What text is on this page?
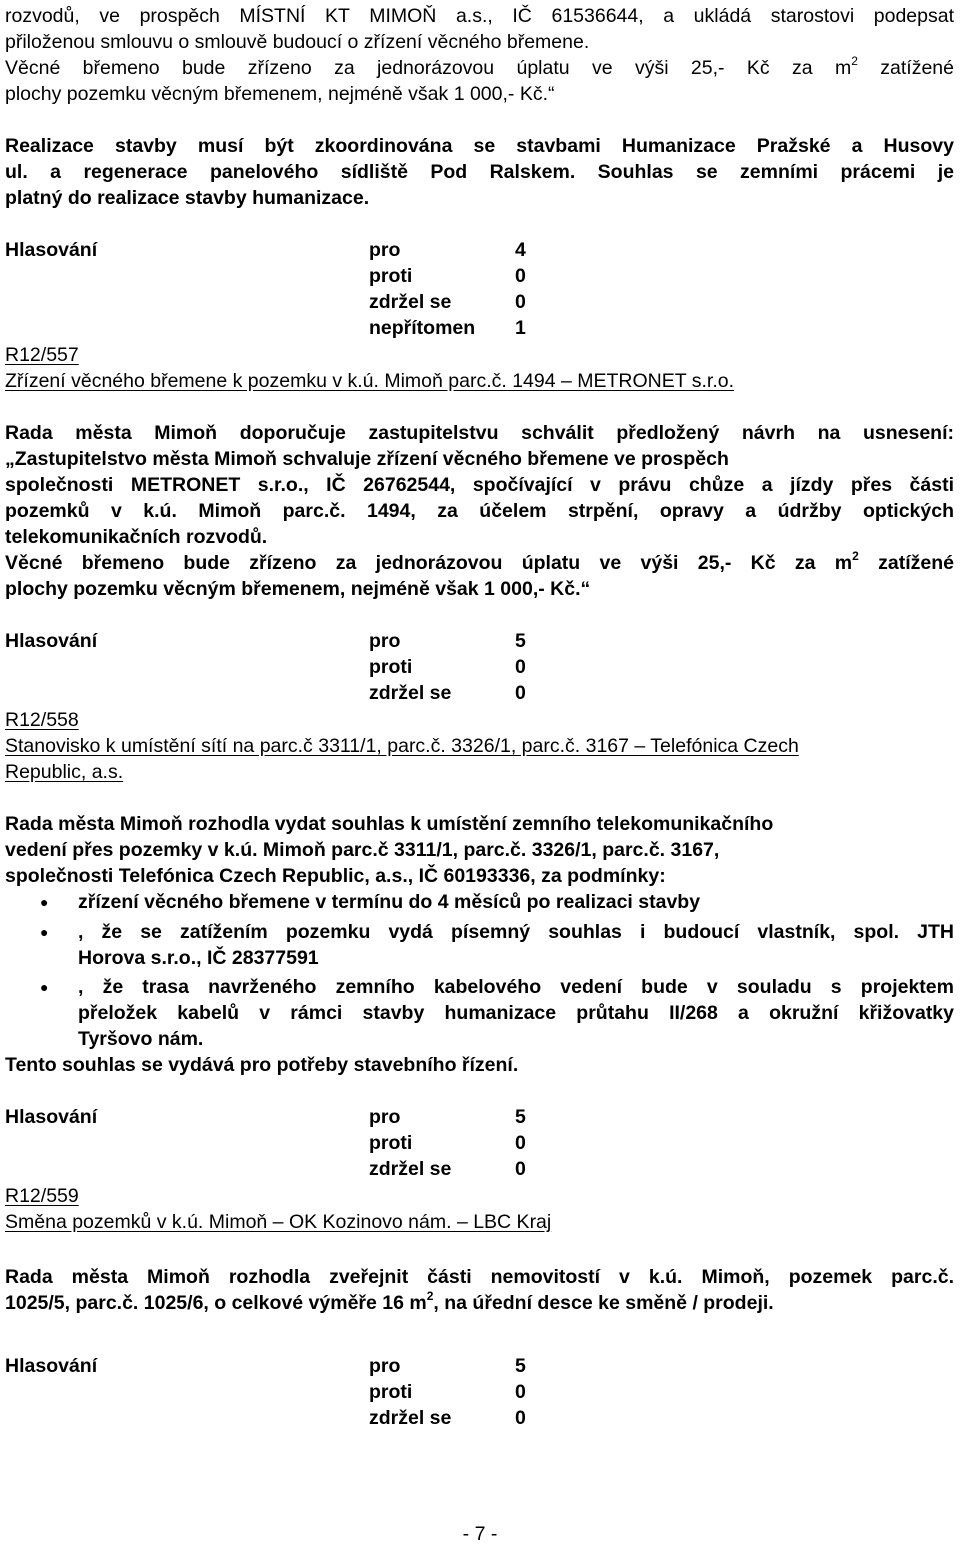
rozvodů, ve prospěch MÍSTNÍ KT MIMOŇ a.s., IČ 61536644, a ukládá starostovi podepsat
přiloženou smlouvu o smlouvě budoucí o zřízení věcného břemene.
Věcné břemeno bude zřízeno za jednorázovou úplatu ve výši 25,- Kč za $m^2$ zatížené
plochy pozemku věcným břemenem, nejméně však 1 000,- Kč.“
Realizace stavby musí být zkoordinována se stavbami Humanizace Pražské a Husovy
ul. a regenerace panelového sídliště Pod Ralskem. Souhlas se zemními prácemi je
platný do realizace stavby humanizace.
Hlasování	pro	4
proti	0
zdržel se	0
nepřítomen 1
R12/557
Zřízení věcného břemene k pozemku v k.ú. Mimoň parc.č. 1494 – METRONET s.r.o.
Rada města Mimoň doporučuje zastupitelstvu schválit předložený návrh na usnesení:
„Zastupitelstvo města Mimoň schvaluje zřízení věcného břemene ve prospěch
společnosti METRONET s.r.o., IČ 26762544, spočívající v právu chůze a jízdy přes části
pozemků v k.ú. Mimoň parc.č. 1494, za účelem strpění, opravy a údržby optických
telekomunikačních rozvodů.
Věcné břemeno bude zřízeno za jednorázovou úplatu ve výši 25,- Kč za $m^2$ zatížené
plochy pozemku věcným břemenem, nejméně však 1 000,- Kč.“
Hlasování	pro	5
proti	0
zdržel se	0
R12/558
Stanovisko k umístění sítí na parc.č 3311/1, parc.č. 3326/1, parc.č. 3167 – Telefónica Czech
Republic, a.s.
Rada města Mimoň rozhodla vydat souhlas k umístění zemního telekomunikačního
vedení přes pozemky v k.ú. Mimoň parc.č 3311/1, parc.č. 3326/1, parc.č. 3167,
společnosti Telefónica Czech Republic, a.s., IČ 60193336, za podmínky:
● zřízení věcného břemene v termínu do 4 měsíců po realizaci stavby
● , že se zatížením pozemku vydá písemný souhlas i budoucí vlastník, spol. JTH
Horova s.r.o., IČ 28377591
● , že trasa navrženého zemního kabelového vedení bude v souladu s projektem
přeložek kabelů v rámci stavby humanizace průtahu II/268 a okružní křižovatky
Tyršovo nám.
Tento souhlas se vydává pro potřeby stavebního řízení.
Hlasování	pro	5
proti	0
zdržel se	0
R12/559
Směna pozemků v k.ú. Mimoň – OK Kozinovo nám. – LBC Kraj
Rada města Mimoň rozhodla zveřejnit části nemovitostí v k.ú. Mimoň, pozemek parc.č.
1025/5, parc.č. 1025/6, o celkové výměře 16 $m^2$, na úřední desce ke směně / prodeji.
Hlasování	pro	5
proti	0
zdržel se	0
- 7 -
